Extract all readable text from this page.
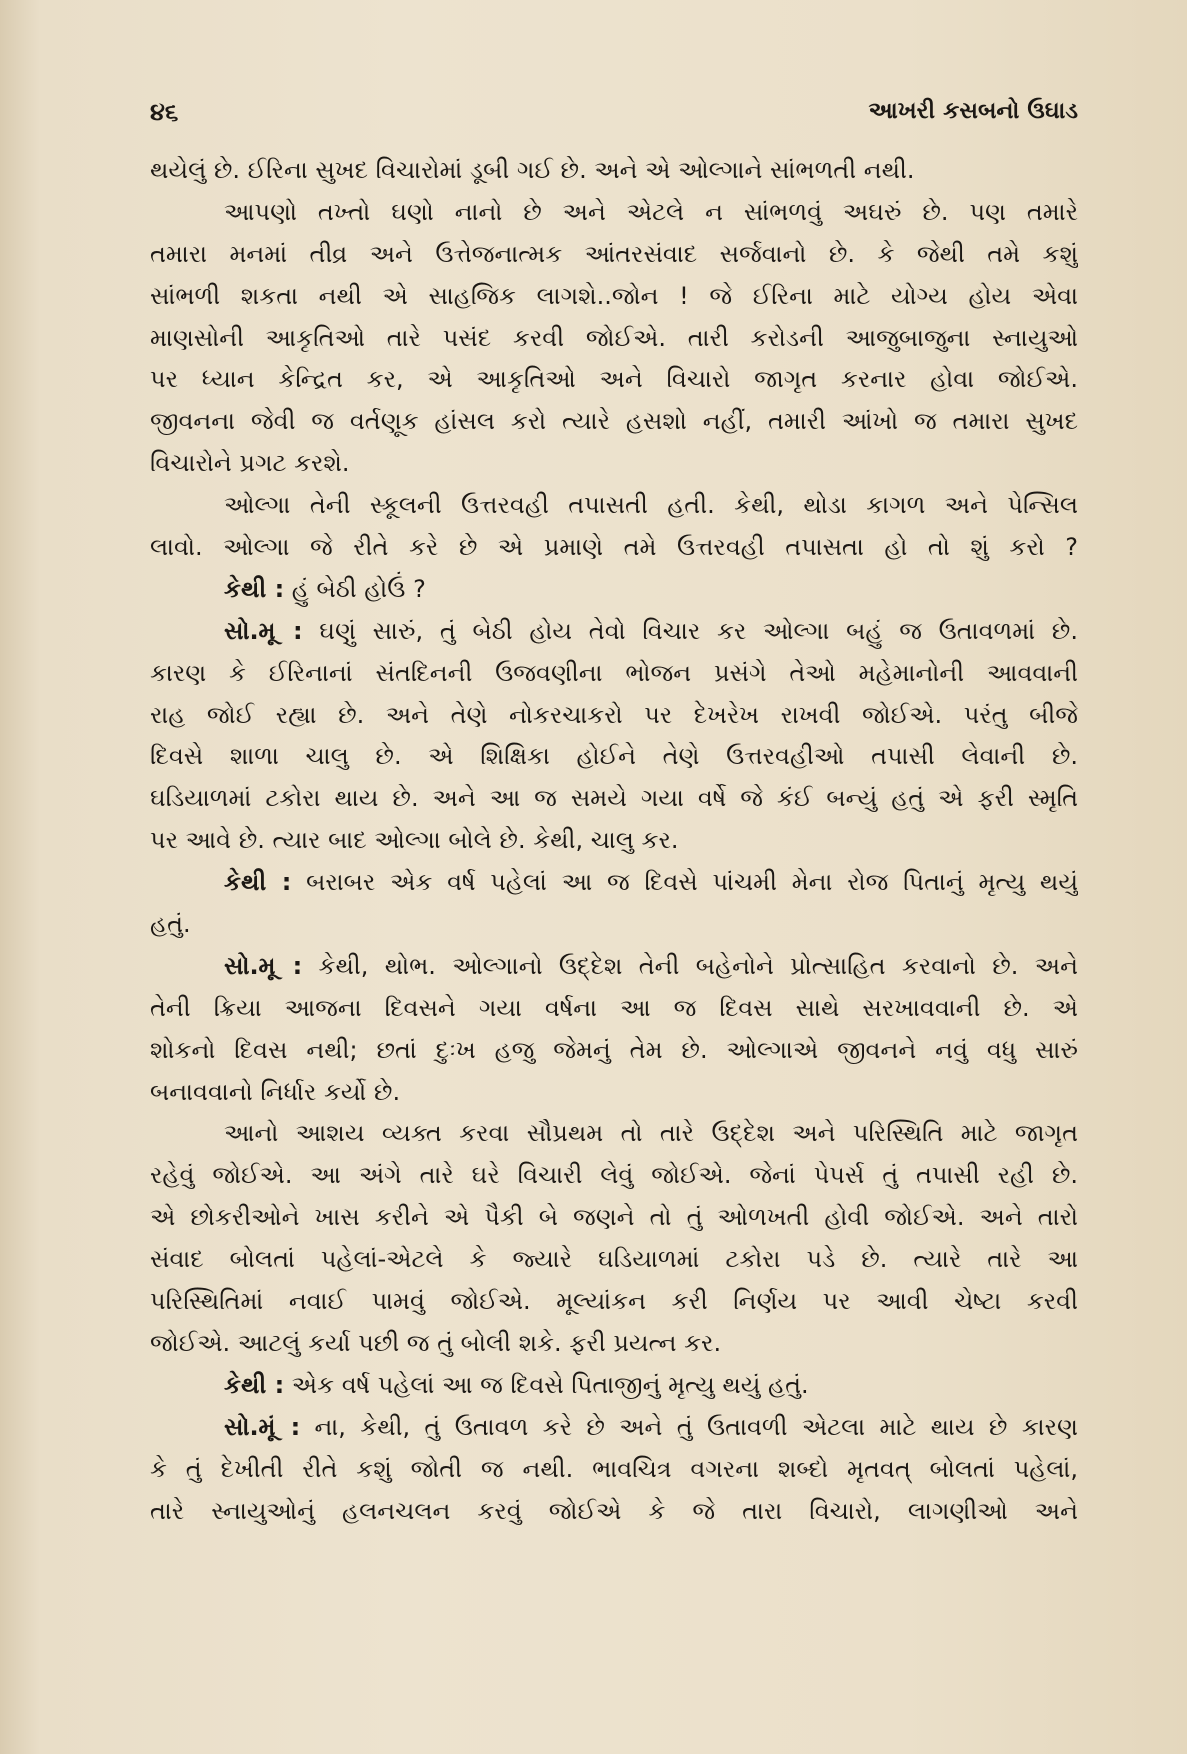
૪૬	આખરી કસબનો ઉઘાડ
થયેલું છે. ઈરિના સુખદ વિચારોમાં ડૂબી ગઈ છે. અને એ ઓલ્ગાને સાંભળતી નથી.
આપણો તખ્તો ઘણો નાનો છે અને એટલે ન સાંભળવું અઘરું છે. પણ તમારે
તમારા મનમાં તીવ્ર અને ઉત્તેજનાત્મક આંતરસંવાદ સર્જવાનો છે. કે જેથી તમે કશું
સાંભળી શકતા નથી એ સાહજિક લાગશે..જોન ! જે ઈરિના માટે યોગ્ય હોય એવા
માણસોની આકૃતિઓ તારે પસંદ કરવી જોઈએ. તારી કરોડની આજુબાજુના સ્નાયુઓ
પર ધ્યાન કેન્દ્રિત કર, એ આકૃતિઓ અને વિચારો જાગૃત કરનાર હોવા જોઈએ.
જીવનના જેવી જ વર્તણૂક હાંસલ કરો ત્યારે હસશો નહીં, તમારી આંખો જ તમારા સુખદ
વિચારોને પ્રગટ કરશે.
ઓલ્ગા તેની સ્કૂલની ઉત્તરવહી તપાસતી હતી. કેથી, થોડા કાગળ અને પેન્સિલ
લાવો. ઓલ્ગા જે રીતે કરે છે એ પ્રમાણે તમે ઉત્તરવહી તપાસતા હો તો શું કરો ?
કેથી : હું બેઠી હોઉં ?
સો.મૂ : ઘણું સારું, તું બેઠી હોય તેવો વિચાર કર ઓલ્ગા બહું જ ઉતાવળમાં છે.
કારણ કે ઈરિનાનાં સંતદિનની ઉજવણીના ભોજન પ્રસંગે તેઓ મહેમાનોની આવવાની
રાહ જોઈ રહ્યા છે. અને તેણે નોકરચાકરો પર દેખરેખ રાખવી જોઈએ. પરંતુ બીજે
દિવસે શાળા ચાલુ છે. એ શિક્ષિકા હોઈને તેણે ઉત્તરવહીઓ તપાસી લેવાની છે.
ઘડિયાળમાં ટકોરા થાય છે. અને આ જ સમયે ગયા વર્ષે જે કંઈ બન્યું હતું એ ફરી સ્મૃતિ
પર આવે છે. ત્યાર બાદ ઓલ્ગા બોલે છે. કેથી, ચાલુ કર.
કેથી : બરાબર એક વર્ષ પહેલાં આ જ દિવસે પાંચમી મેના રોજ પિતાનું મૃત્યુ થયું
હતું.
સો.મૂ : કેથી, થોભ. ઓલ્ગાનો ઉદ્દેશ તેની બહેનોને પ્રોત્સાહિત કરવાનો છે. અને
તેની ક્રિયા આજના દિવસને ગયા વર્ષના આ જ દિવસ સાથે સરખાવવાની છે. એ
શોકનો દિવસ નથી; છતાં દુઃખ હજુ જેમનું તેમ છે. ઓલ્ગાએ જીવનને નવું વધુ સારું
બનાવવાનો નિર્ધાર કર્યો છે.
આનો આશય વ્યક્ત કરવા સૌપ્રથમ તો તારે ઉદ્દેશ અને પરિસ્થિતિ માટે જાગૃત
રહેવું જોઈએ. આ અંગે તારે ઘરે વિચારી લેવું જોઈએ. જેનાં પેપર્સ તું તપાસી રહી છે.
એ છોકરીઓને ખાસ કરીને એ પૈકી બે જણને તો તું ઓળખતી હોવી જોઈએ. અને તારો
સંવાદ બોલતાં પહેલાં-એટલે કે જ્યારે ઘડિયાળમાં ટકોરા પડે છે. ત્યારે તારે આ
પરિસ્થિતિમાં નવાઈ પામવું જોઈએ. મૂલ્યાંકન કરી નિર્ણય પર આવી ચેષ્ટા કરવી
જોઈએ. આટલું કર્યા પછી જ તું બોલી શકે. ફરી પ્રયત્ન કર.
કેથી : એક વર્ષ પહેલાં આ જ દિવસે પિતાજીનું મૃત્યુ થયું હતું.
સો.મૂં : ના, કેથી, તું ઉતાવળ કરે છે અને તું ઉતાવળી એટલા માટે થાય છે કારણ
કે તું દેખીતી રીતે કશું જોતી જ નથી. ભાવચિત્ર વગરના શબ્દો મૃતવત્ બોલતાં પહેલાં,
તારે સ્નાયુઓનું હલનચલન કરવું જોઈએ કે જે તારા વિચારો, લાગણીઓ અને
